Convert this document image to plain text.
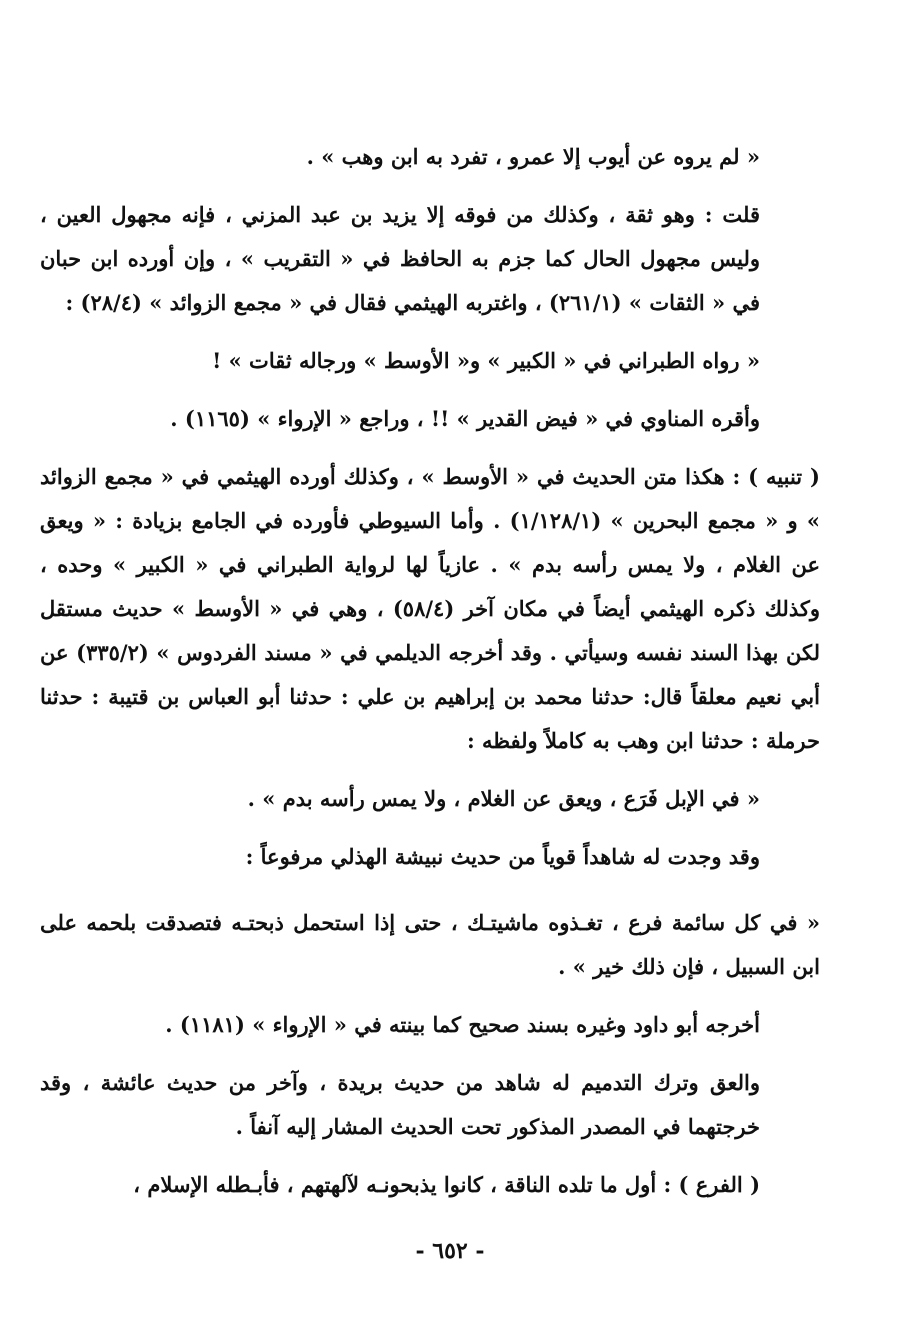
« لم يروه عن أيوب إلا عمرو ، تفرد به ابن وهب » .

قلت : وهو ثقة ، وكذلك من فوقه إلا يزيد بن عبد المزني ، فإنه مجهول العين ، وليس مجهول الحال كما جزم به الحافظ في « التقريب » ، وإن أورده ابن حبان في « الثقات » (٢٦١/١) ، واغتربه الهيثمي فقال في « مجمع الزوائد » (٢٨/٤) :

« رواه الطبراني في « الكبير » و« الأوسط » ورجاله ثقات » !

وأقره المناوي في « فيض القدير » !! ، وراجع « الإرواء » (١١٦٥) .

( تنبيه ) : هكذا متن الحديث في « الأوسط » ، وكذلك أورده الهيثمي في « مجمع الزوائد » و « مجمع البحرين » (١/١٢٨/١) . وأما السيوطي فأورده في الجامع بزيادة : « ويعق عن الغلام ، ولا يمس رأسه بدم » . عازياً لها لرواية الطبراني في « الكبير » وحده ، وكذلك ذكره الهيثمي أيضاً في مكان آخر (٥٨/٤) ، وهي في « الأوسط » حديث مستقل لكن بهذا السند نفسه وسيأتي . وقد أخرجه الديلمي في « مسند الفردوس » (٣٣٥/٢) عن أبي نعيم معلقاً قال: حدثنا محمد بن إبراهيم بن علي : حدثنا أبو العباس بن قتيبة : حدثنا حرملة : حدثنا ابن وهب به كاملاً ولفظه :

« في الإبل فَرَع ، ويعق عن الغلام ، ولا يمس رأسه بدم » .

وقد وجدت له شاهداً قوياً من حديث نبيشة الهذلي مرفوعاً :

« في كل سائمة فرع ، تغـذوه ماشيتـك ، حتى إذا استحمل ذبحتـه فتصدقت بلحمه على ابن السبيل ، فإن ذلك خير » .

أخرجه أبو داود وغيره بسند صحيح كما بينته في « الإرواء » (١١٨١) .

والعق وترك التدميم له شاهد من حديث بريدة ، وآخر من حديث عائشة ، وقد خرجتهما في المصدر المذكور تحت الحديث المشار إليه آنفاً .

( الفرع ) : أول ما تلده الناقة ، كانوا يذبحونـه لآلهتهم ، فأبـطله الإسلام ،

- ٦٥٢ -
